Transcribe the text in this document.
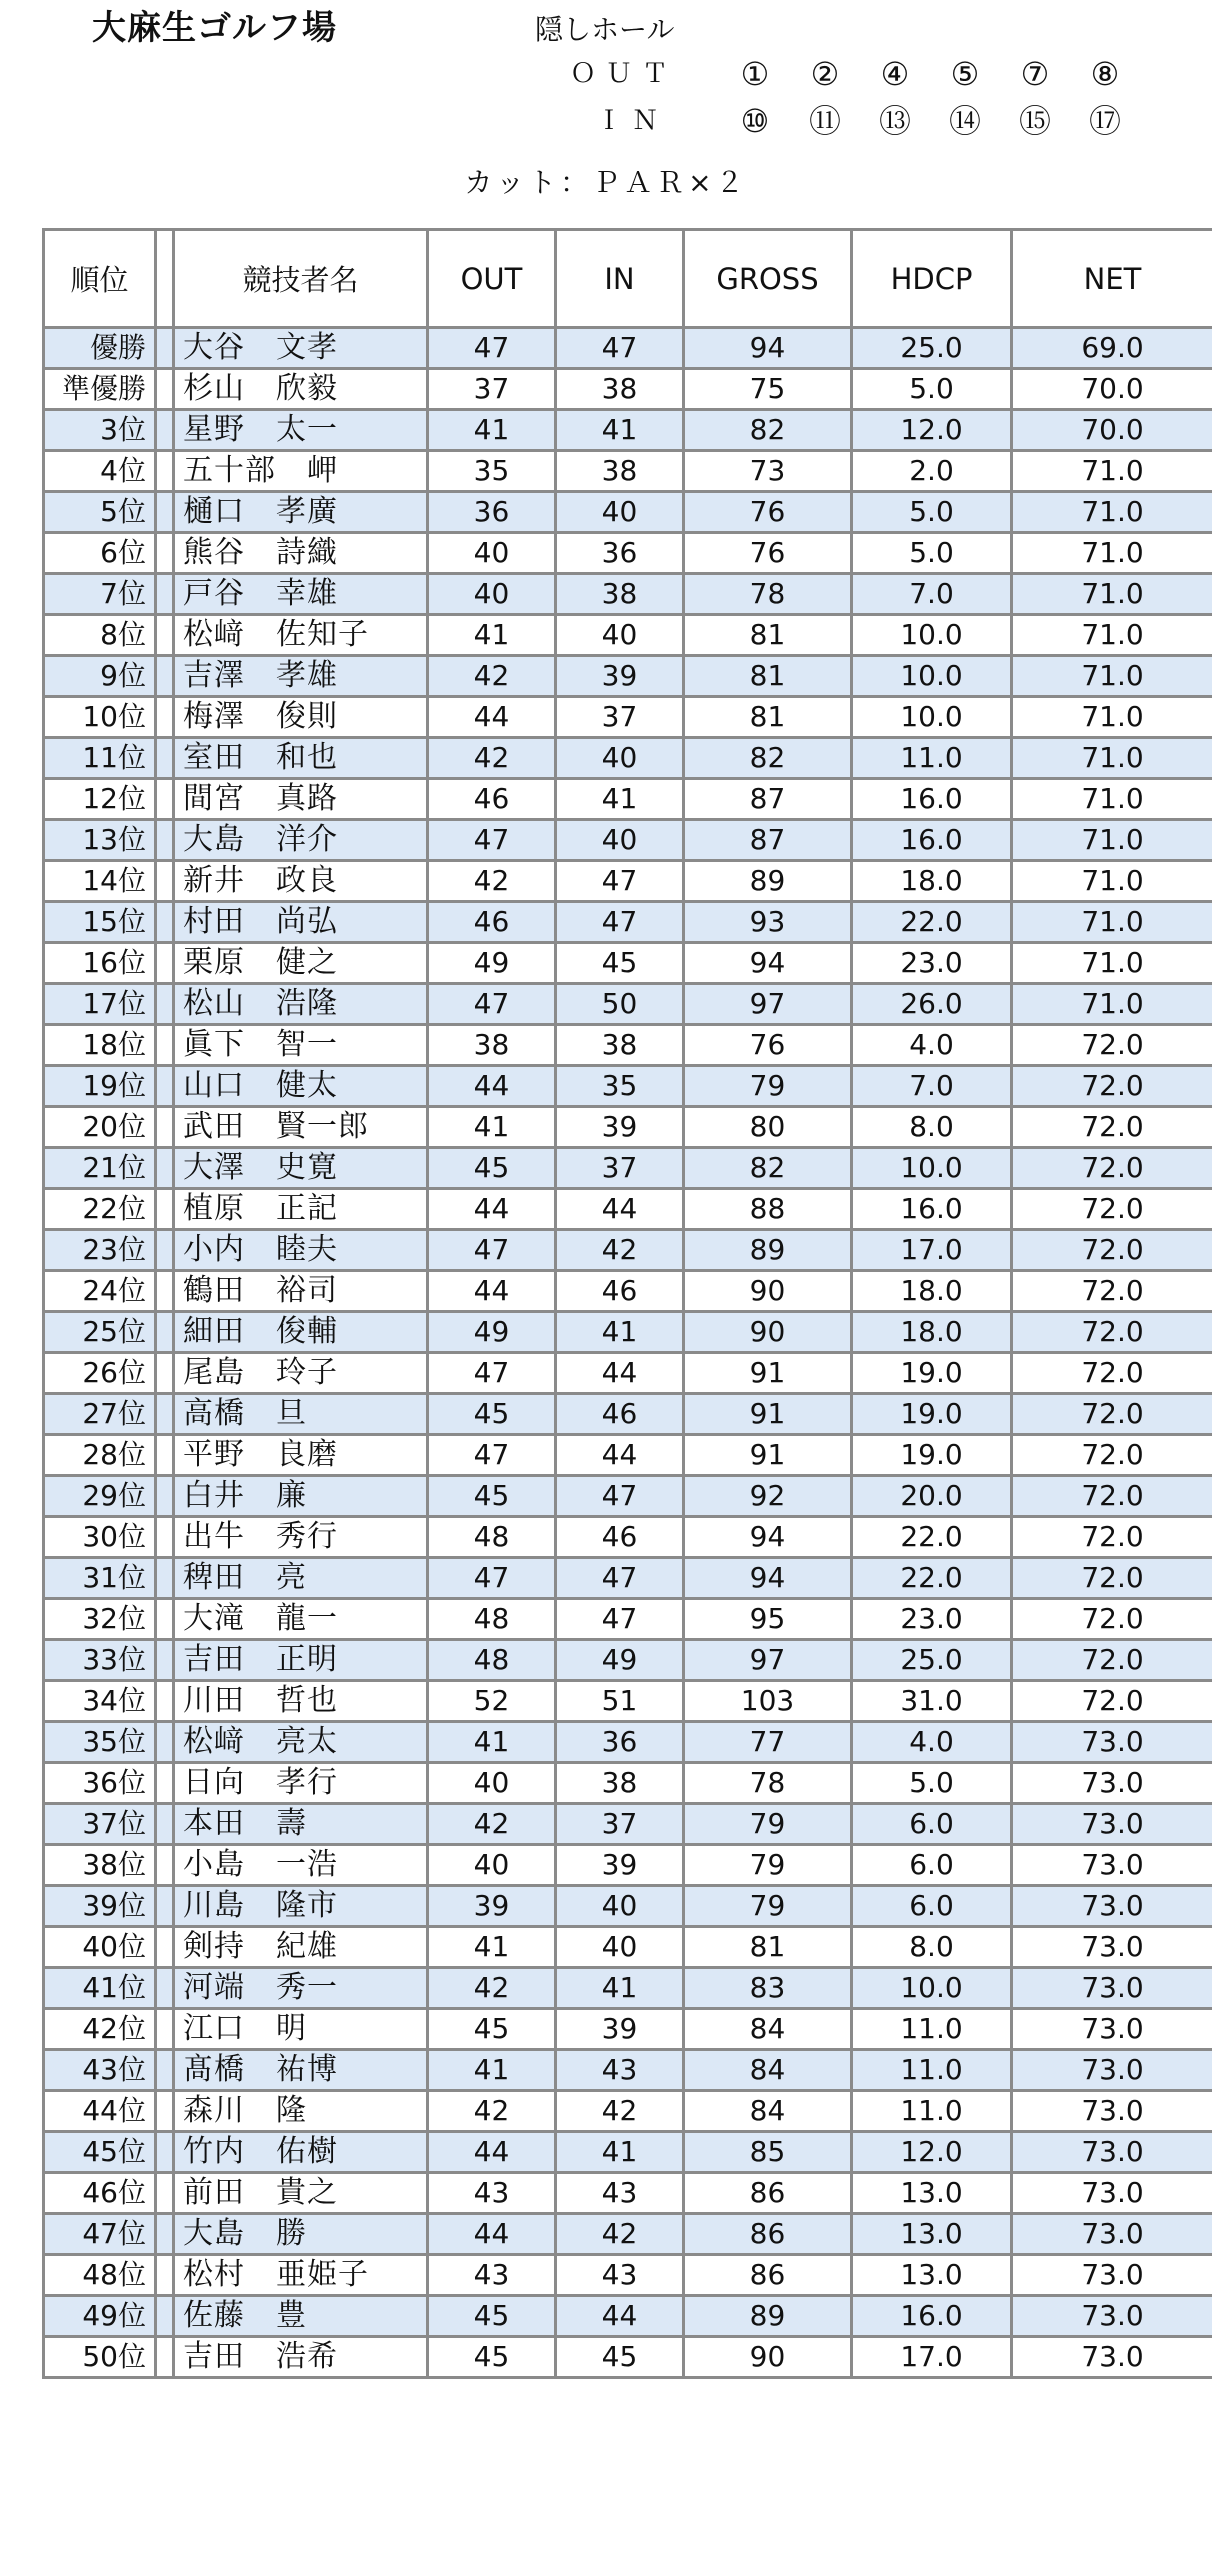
大麻生ゴルフ場	隠しホール
ＯＵＴ	①	②	④	⑤	⑦	⑧
ＩＮ	⑩	⑪ ⑬ ⑭ ⑮ ⑰
カット：ＰＡＲ×２
順位		競技者名	OUT	IN	GROSS	HDCP	NET
優勝		大谷　文孝	47	47	94	25.0	69.0
準優勝		杉山　欣毅	37	38	75	5.0	70.0
3位		星野　太一	41	41	82	12.0	70.0
4位		五十部　岬	35	38	73	2.0	71.0
5位		樋口　孝廣	36	40	76	5.0	71.0
6位		熊谷　詩織	40	36	76	5.0	71.0
7位		戸谷　幸雄	40	38	78	7.0	71.0
8位		松﨑　佐知子	41	40	81	10.0	71.0
9位		吉澤　孝雄	42	39	81	10.0	71.0
10位		梅澤　俊則	44	37	81	10.0	71.0
11位		室田　和也	42	40	82	11.0	71.0
12位		間宮　真路	46	41	87	16.0	71.0
13位		大島　洋介	47	40	87	16.0	71.0
14位		新井　政良	42	47	89	18.0	71.0
15位		村田　尚弘	46	47	93	22.0	71.0
16位		栗原　健之	49	45	94	23.0	71.0
17位		松山　浩隆	47	50	97	26.0	71.0
18位		眞下　智一	38	38	76	4.0	72.0
19位		山口　健太	44	35	79	7.0	72.0
20位		武田　賢一郎	41	39	80	8.0	72.0
21位		大澤　史寛	45	37	82	10.0	72.0
22位		植原　正記	44	44	88	16.0	72.0
23位		小内　睦夫	47	42	89	17.0	72.0
24位		鶴田　裕司	44	46	90	18.0	72.0
25位		細田　俊輔	49	41	90	18.0	72.0
26位		尾島　玲子	47	44	91	19.0	72.0
27位		高橋　旦	45	46	91	19.0	72.0
28位		平野　良磨	47	44	91	19.0	72.0
29位		白井　廉	45	47	92	20.0	72.0
30位		出牛　秀行	48	46	94	22.0	72.0
31位		稗田　亮	47	47	94	22.0	72.0
32位		大滝　龍一	48	47	95	23.0	72.0
33位		吉田　正明	48	49	97	25.0	72.0
34位		川田　哲也	52	51	103	31.0	72.0
35位		松﨑　亮太	41	36	77	4.0	73.0
36位		日向　孝行	40	38	78	5.0	73.0
37位		本田　壽	42	37	79	6.0	73.0
38位		小島　一浩	40	39	79	6.0	73.0
39位		川島　隆市	39	40	79	6.0	73.0
40位		剣持　紀雄	41	40	81	8.0	73.0
41位		河端　秀一	42	41	83	10.0	73.0
42位		江口　明	45	39	84	11.0	73.0
43位		髙橋　祐博	41	43	84	11.0	73.0
44位		森川　隆	42	42	84	11.0	73.0
45位		竹内　佑樹	44	41	85	12.0	73.0
46位		前田　貴之	43	43	86	13.0	73.0
47位		大島　勝	44	42	86	13.0	73.0
48位		松村　亜姫子	43	43	86	13.0	73.0
49位		佐藤　豊	45	44	89	16.0	73.0
50位		吉田　浩希	45	45	90	17.0	73.0
